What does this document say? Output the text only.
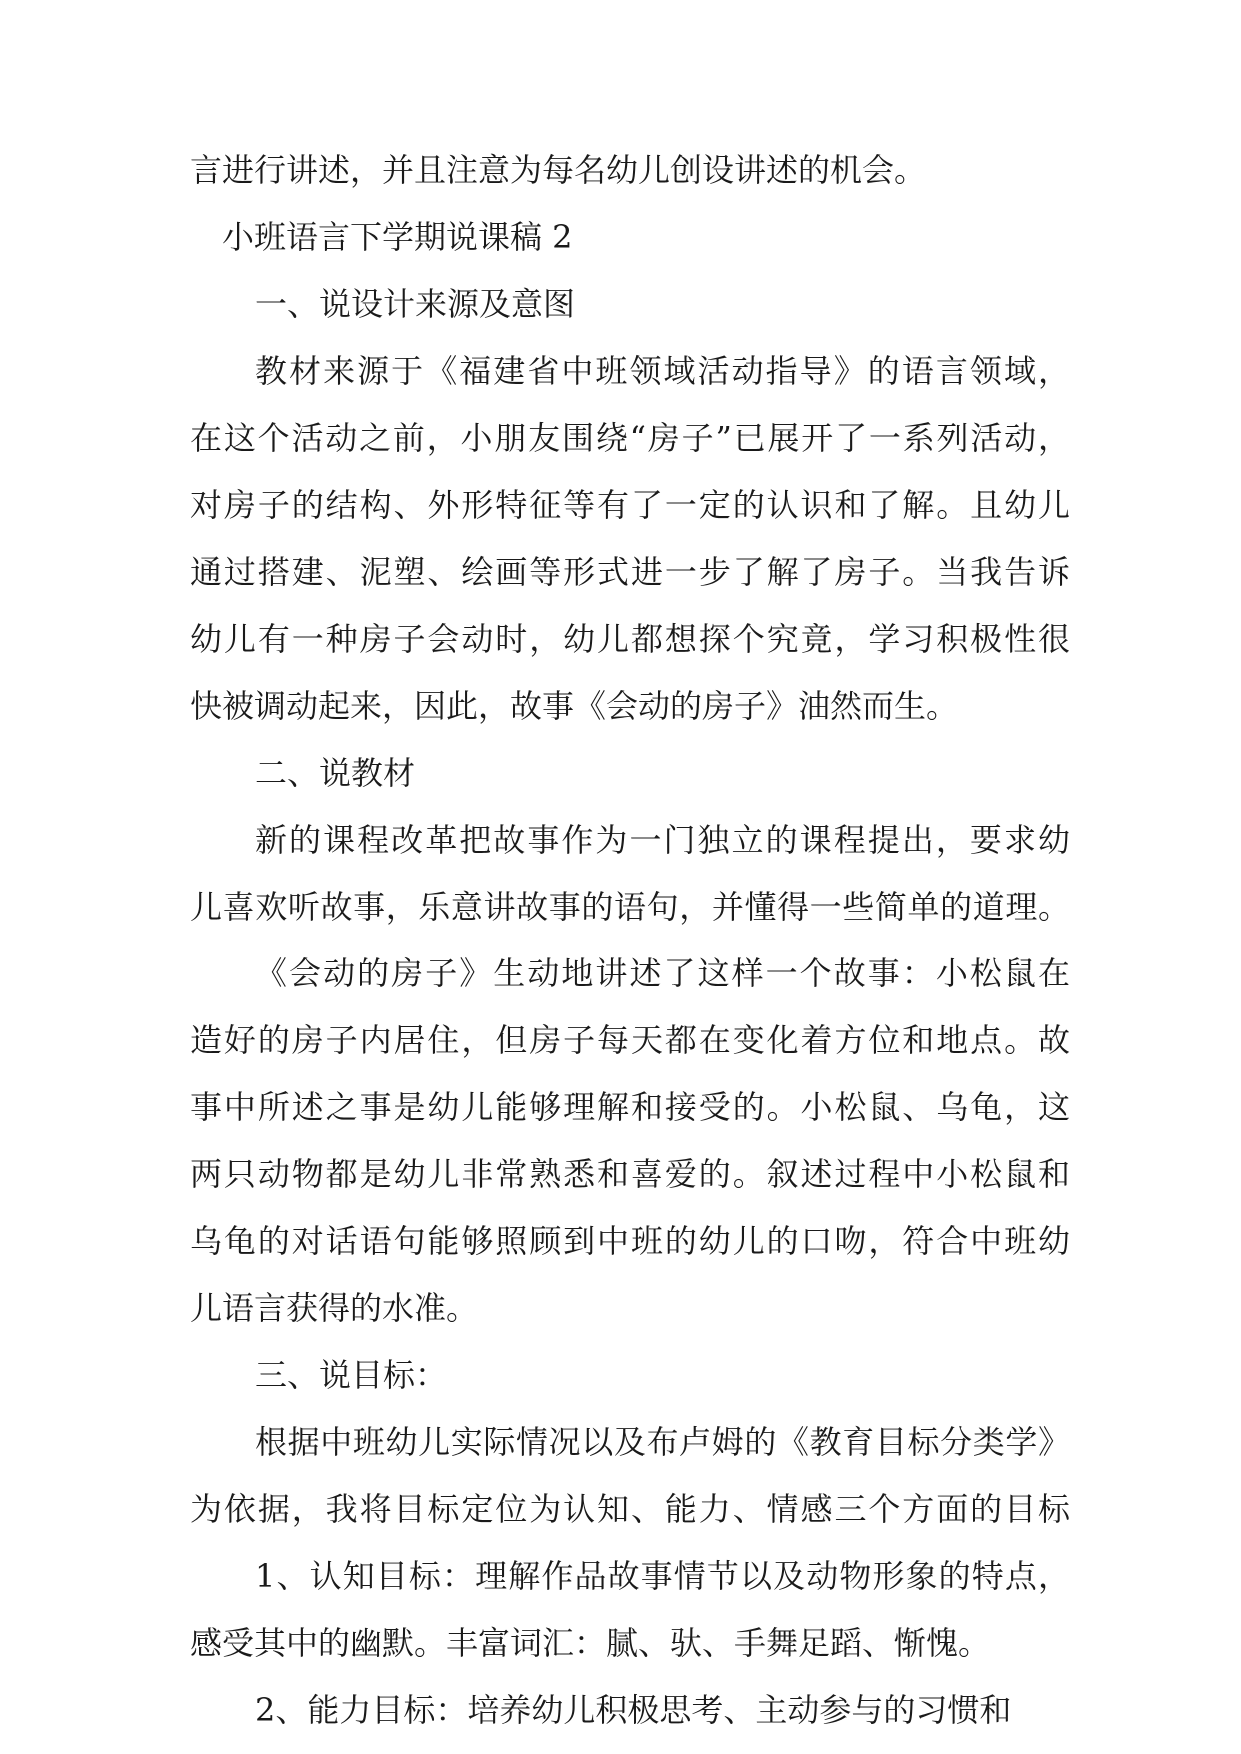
言进行讲述，并且注意为每名幼儿创设讲述的机会。
小班语言下学期说课稿 2
一、说设计来源及意图
教材来源于《福建省中班领域活动指导》的语言领域，
在这个活动之前，小朋友围绕“房子”已展开了一系列活动，
对房子的结构、外形特征等有了一定的认识和了解。且幼儿
通过搭建、泥塑、绘画等形式进一步了解了房子。当我告诉
幼儿有一种房子会动时，幼儿都想探个究竟，学习积极性很
快被调动起来，因此，故事《会动的房子》油然而生。
二、说教材
新的课程改革把故事作为一门独立的课程提出，要求幼
儿喜欢听故事，乐意讲故事的语句，并懂得一些简单的道理。
《会动的房子》生动地讲述了这样一个故事：小松鼠在
造好的房子内居住，但房子每天都在变化着方位和地点。故
事中所述之事是幼儿能够理解和接受的。小松鼠、乌龟，这
两只动物都是幼儿非常熟悉和喜爱的。叙述过程中小松鼠和
乌龟的对话语句能够照顾到中班的幼儿的口吻，符合中班幼
儿语言获得的水准。
三、说目标：
根据中班幼儿实际情况以及布卢姆的《教育目标分类学》
为依据，我将目标定位为认知、能力、情感三个方面的目标
1、认知目标：理解作品故事情节以及动物形象的特点，
感受其中的幽默。丰富词汇：腻、驮、手舞足蹈、惭愧。
2、能力目标：培养幼儿积极思考、主动参与的习惯和
